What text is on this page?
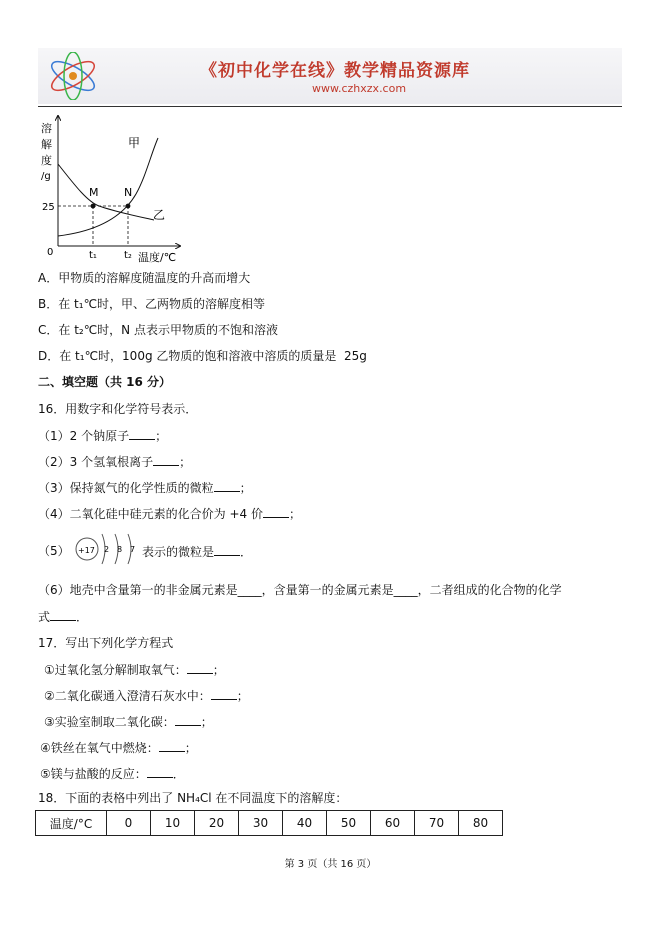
《初中化学在线》教学精品资源库
www.czhxzx.com
溶
解
度
/g
25
0
M N
甲
乙
t₁	t₂ 温度/℃
A．甲物质的溶解度随温度的升高而增大
B．在 t₁℃时，甲、乙两物质的溶解度相等
C．在 t₂℃时，N 点表示甲物质的不饱和溶液
D．在 t₁℃时，100g 乙物质的饱和溶液中溶质的质量是 25g
二、填空题（共 16 分）
16．用数字和化学符号表示．
（1）2 个钠原子 ；
（2）3 个氢氧根离子 ；
（3）保持氮气的化学性质的微粒 ；
（4）二氧化硅中硅元素的化合价为 +4 价 ；
（5） +17 2 8 7 表示的微粒是 ．
（6）地壳中含量第一的非金属元素是____，含量第一的金属元素是____，二者组成的化合物的化学
式 ．
17．写出下列化学方程式
①过氧化氢分解制取氧气： ；
②二氧化碳通入澄清石灰水中： ；
③实验室制取二氧化碳： ；
④铁丝在氧气中燃烧： ；
⑤镁与盐酸的反应： ．
18．下面的表格中列出了 NH₄Cl 在不同温度下的溶解度：
温度/°C	0	10	20	30	40	50	60	70	80
第 3 页（共 16 页）
